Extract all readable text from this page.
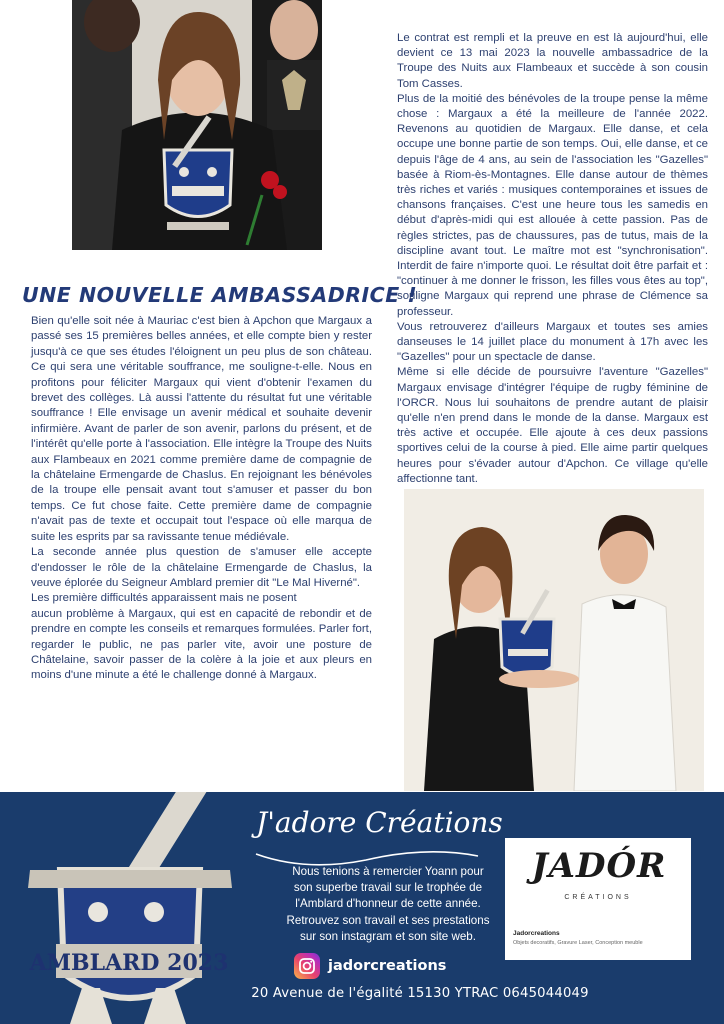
UNE NOUVELLE AMBASSADRICE !

Bien qu'elle soit née à Mauriac c'est bien à Apchon que Margaux a passé ses 15 premières belles années, et elle compte bien y rester jusqu'à ce que ses études l'éloignent un peu plus de son château. Ce qui sera une véritable souffrance, me souligne-t-elle. Nous en profitons pour féliciter Margaux qui vient d'obtenir l'examen du brevet des collèges. Là aussi l'attente du résultat fut une véritable souffrance ! Elle envisage un avenir médical et souhaite devenir infirmière. Avant de parler de son avenir, parlons du présent, et de l'intérêt qu'elle porte à l'association. Elle intègre la Troupe des Nuits aux Flambeaux en 2021 comme première dame de compagnie de la châtelaine Ermengarde de Chaslus. En rejoignant les bénévoles de la troupe elle pensait avant tout s'amuser et passer du bon temps. Ce fut chose faite. Cette première dame de compagnie n'avait pas de texte et occupait tout l'espace où elle marqua de suite les esprits par sa ravissante tenue médiévale.

La seconde année plus question de s'amuser elle accepte d'endosser le rôle de la châtelaine Ermengarde de Chaslus, la veuve éplorée du Seigneur Amblard premier dit "Le Mal Hiverné".

Les première difficultés apparaissent mais ne posent

aucun problème à Margaux, qui est en capacité de rebondir et de prendre en compte les conseils et remarques formulées. Parler fort, regarder le public, ne pas parler vite, avoir une posture de Châtelaine, savoir passer de la colère à la joie et aux pleurs en moins d'une minute a été le challenge donné à Margaux.

Le contrat est rempli et la preuve en est là aujourd'hui, elle devient ce 13 mai 2023 la nouvelle ambassadrice de la Troupe des Nuits aux Flambeaux et succède à son cousin Tom Casses.

Plus de la moitié des bénévoles de la troupe pense la même chose : Margaux a été la meilleure de l'année 2022. Revenons au quotidien de Margaux. Elle danse, et cela occupe une bonne partie de son temps. Oui, elle danse, et ce depuis l'âge de 4 ans, au sein de l'association les "Gazelles" basée à Riom-ès-Montagnes. Elle danse autour de thèmes très riches et variés : musiques contemporaines et issues de chansons françaises. C'est une heure tous les samedis en début d'après-midi qui est allouée à cette passion. Pas de règles strictes, pas de chaussures, pas de tutus, mais de la discipline avant tout. Le maître mot est "synchronisation". Interdit de faire n'importe quoi. Le résultat doit être parfait et : "continuer à me donner le frisson, les filles vous êtes au top", souligne Margaux qui reprend une phrase de Clémence sa professeur.

Vous retrouverez d'ailleurs Margaux et toutes ses amies danseuses le 14 juillet place du monument à 17h avec les "Gazelles" pour un spectacle de danse.

Même si elle décide de poursuivre l'aventure "Gazelles" Margaux envisage d'intégrer l'équipe de rugby féminine de l'ORCR. Nous lui souhaitons de prendre autant de plaisir qu'elle n'en prend dans le monde de la danse. Margaux est très active et occupée. Elle ajoute à ces deux passions sportives celui de la course à pied. Elle aime partir quelques heures pour s'évader autour d'Apchon. Ce village qu'elle affectionne tant.

AMBLARD 2023
J'adore Créations
Nous tenions à remercier Yoann pour son superbe travail sur le trophée de l'Amblard d'honneur de cette année. Retrouvez son travail et ses prestations sur son instagram et son site web.
jadorcreations
20 Avenue de l'égalité 15130 YTRAC 0645044049
JADÓR
CRÉATIONS
Jadorcreations
Objets decoratifs, Gravure Laser, Conception meuble
